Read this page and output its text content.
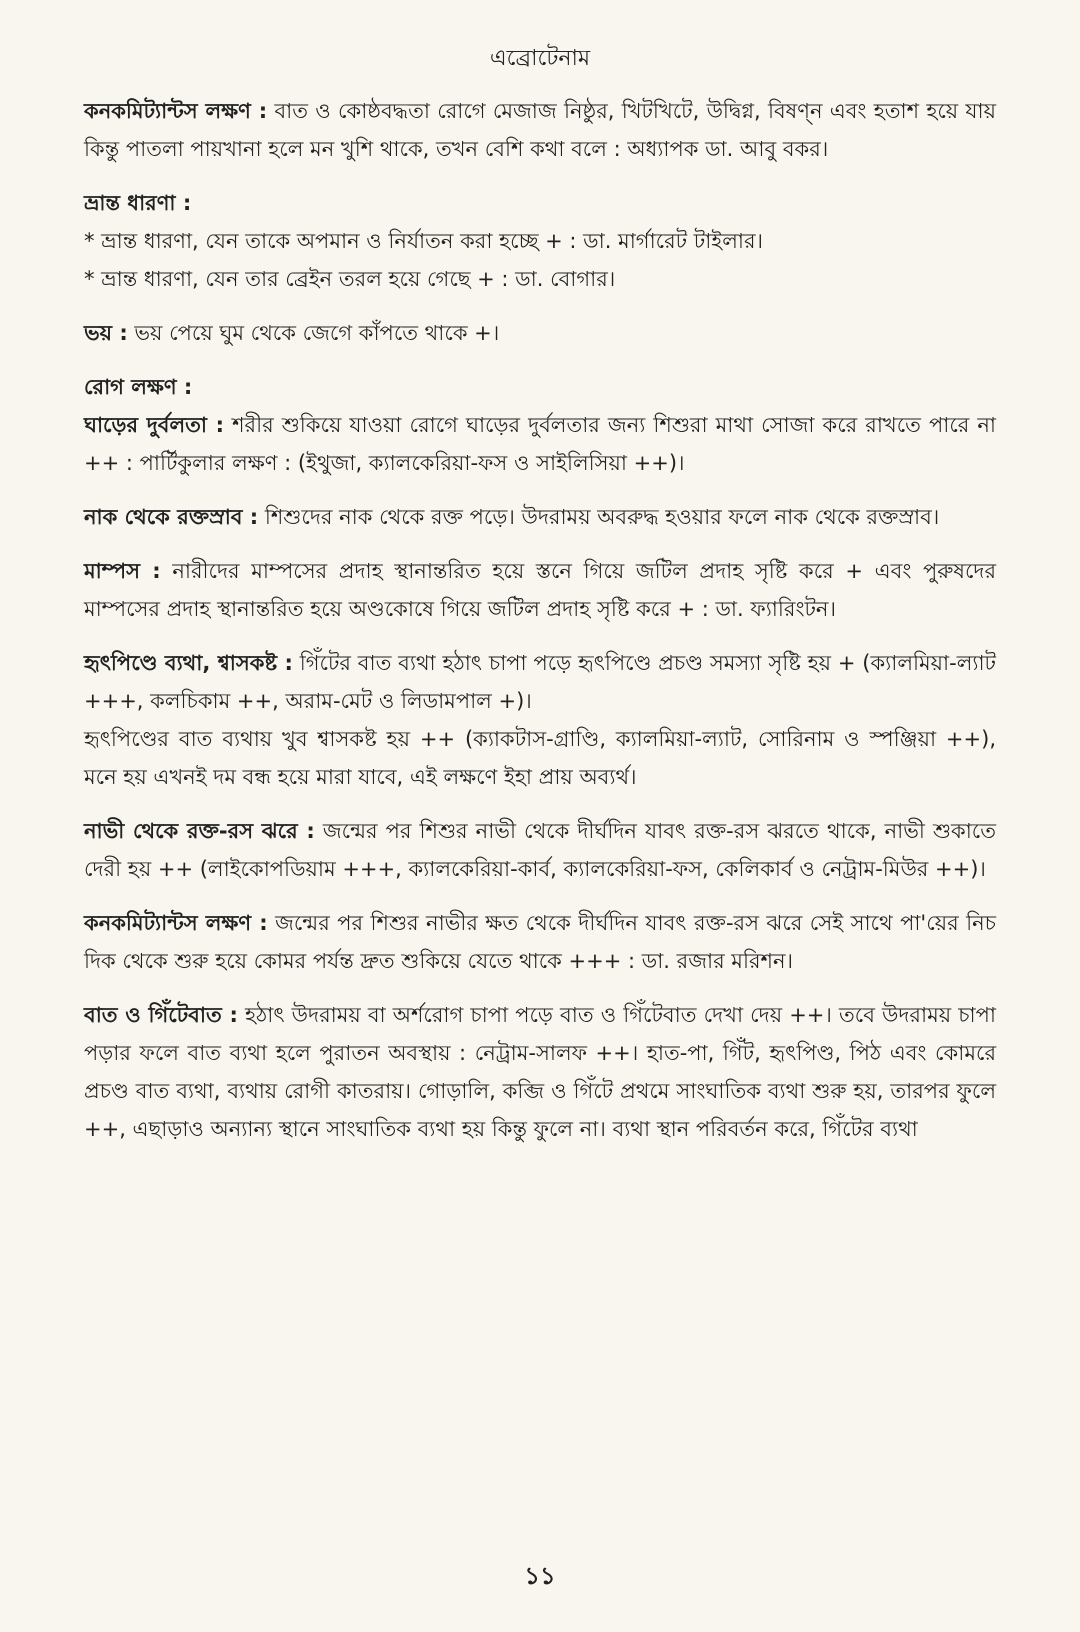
এব্রোটেনাম

কনকমিট্যান্টস লক্ষণ : বাত ও কোষ্ঠবদ্ধতা রোগে মেজাজ নিষ্ঠুর, খিটখিটে, উদ্বিগ্ন, বিষণ্ন এবং হতাশ হয়ে যায় কিন্তু পাতলা পায়খানা হলে মন খুশি থাকে, তখন বেশি কথা বলে : অধ্যাপক ডা. আবু বকর।

ভ্রান্ত ধারণা :

* ভ্রান্ত ধারণা, যেন তাকে অপমান ও নির্যাতন করা হচ্ছে + : ডা. মার্গারেট টাইলার।

* ভ্রান্ত ধারণা, যেন তার ব্রেইন তরল হয়ে গেছে + : ডা. বোগার।

ভয় : ভয় পেয়ে ঘুম থেকে জেগে কাঁপতে থাকে +।

রোগ লক্ষণ :

ঘাড়ের দুর্বলতা : শরীর শুকিয়ে যাওয়া রোগে ঘাড়ের দুর্বলতার জন্য শিশুরা মাথা সোজা করে রাখতে পারে না ++ : পার্টিকুলার লক্ষণ : (ইথুজা, ক্যালকেরিয়া-ফস ও সাইলিসিয়া ++)।

নাক থেকে রক্তস্রাব : শিশুদের নাক থেকে রক্ত পড়ে। উদরাময় অবরুদ্ধ হওয়ার ফলে নাক থেকে রক্তস্রাব।

মাম্পস : নারীদের মাম্পসের প্রদাহ স্থানান্তরিত হয়ে স্তনে গিয়ে জটিল প্রদাহ সৃষ্টি করে + এবং পুরুষদের মাম্পসের প্রদাহ স্থানান্তরিত হয়ে অণ্ডকোষে গিয়ে জটিল প্রদাহ সৃষ্টি করে + : ডা. ফ্যারিংটন।

হৃৎপিণ্ডে ব্যথা, শ্বাসকষ্ট : গিঁটের বাত ব্যথা হঠাৎ চাপা পড়ে হৃৎপিণ্ডে প্রচণ্ড সমস্যা সৃষ্টি হয় + (ক্যালমিয়া-ল্যাট +++, কলচিকাম ++, অরাম-মেট ও লিডামপাল +)।

হৃৎপিণ্ডের বাত ব্যথায় খুব শ্বাসকষ্ট হয় ++ (ক্যাকটাস-গ্রাণ্ডি, ক্যালমিয়া-ল্যাট, সোরিনাম ও স্পঞ্জিয়া ++), মনে হয় এখনই দম বন্ধ হয়ে মারা যাবে, এই লক্ষণে ইহা প্রায় অব্যর্থ।

নাভী থেকে রক্ত-রস ঝরে : জন্মের পর শিশুর নাভী থেকে দীর্ঘদিন যাবৎ রক্ত-রস ঝরতে থাকে, নাভী শুকাতে দেরী হয় ++ (লাইকোপডিয়াম +++, ক্যালকেরিয়া-কার্ব, ক্যালকেরিয়া-ফস, কেলিকার্ব ও নেট্রাম-মিউর ++)।

কনকমিট্যান্টস লক্ষণ : জন্মের পর শিশুর নাভীর ক্ষত থেকে দীর্ঘদিন যাবৎ রক্ত-রস ঝরে সেই সাথে পা'য়ের নিচ দিক থেকে শুরু হয়ে কোমর পর্যন্ত দ্রুত শুকিয়ে যেতে থাকে +++ : ডা. রজার মরিশন।

বাত ও গিঁটেবাত : হঠাৎ উদরাময় বা অর্শরোগ চাপা পড়ে বাত ও গিঁটেবাত দেখা দেয় ++। তবে উদরাময় চাপা পড়ার ফলে বাত ব্যথা হলে পুরাতন অবস্থায় : নেট্রাম-সালফ ++। হাত-পা, গিঁট, হৃৎপিণ্ড, পিঠ এবং কোমরে প্রচণ্ড বাত ব্যথা, ব্যথায় রোগী কাতরায়। গোড়ালি, কব্জি ও গিঁটে প্রথমে সাংঘাতিক ব্যথা শুরু হয়, তারপর ফুলে ++, এছাড়াও অন্যান্য স্থানে সাংঘাতিক ব্যথা হয় কিন্তু ফুলে না। ব্যথা স্থান পরিবর্তন করে, গিঁটের ব্যথা

১১
